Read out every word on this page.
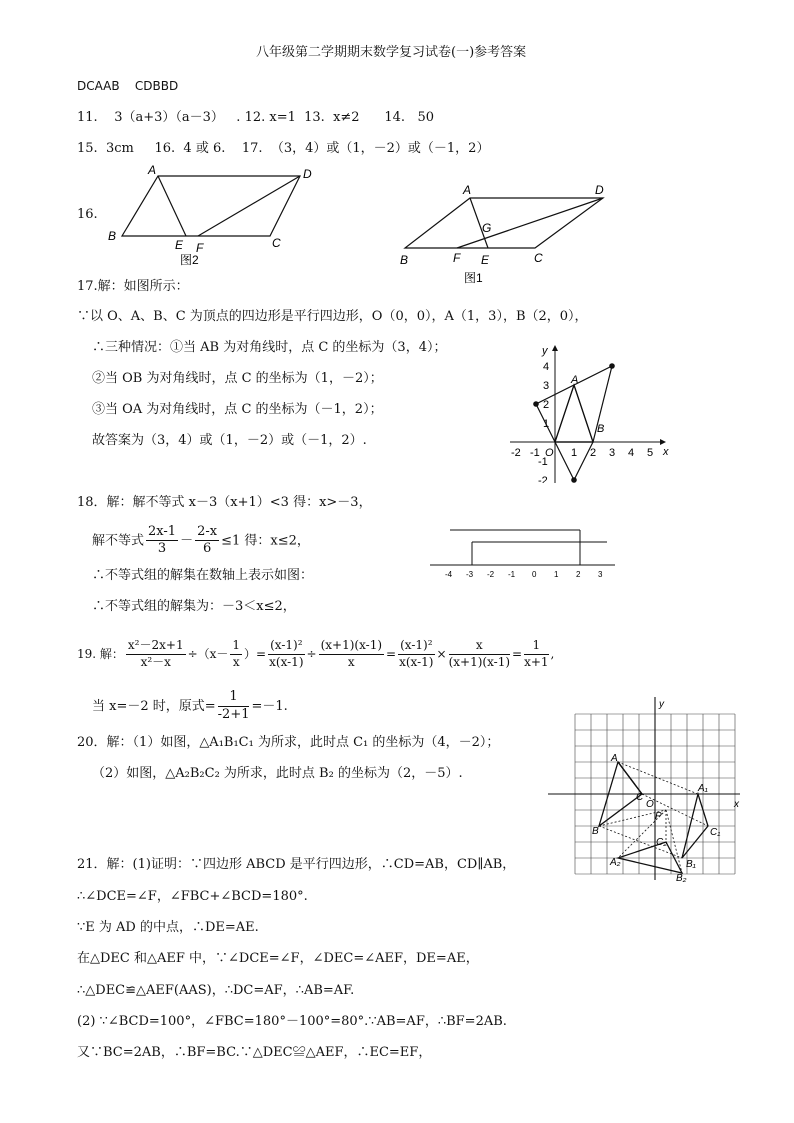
八年级第二学期期末数学复习试卷(一)参考答案
DCAAB    CDBBD
11.    3（a+3）（a－3）   . 12. x=1  13.  x≠2      14.   50
15.  3cm     16.  4 或 6.    17.  （3，4）或（1，－2）或（－1，2）
16.
A	D
B
E F	C
图2
A	D
G
B	F E	C
图1
17.解：如图所示：
∵以 O、A、B、C 为顶点的四边形是平行四边形，O（0，0），A（1，3），B（2，0），
∴三种情况：①当 AB 为对角线时，点 C 的坐标为（3，4）；
②当 OB 为对角线时，点 C 的坐标为（1，－2）；
③当 OA 为对角线时，点 C 的坐标为（－1，2）；
故答案为（3，4）或（1，－2）或（－1，2）.
x
y
-2 -1 O 1 2 3 4 5
4
3
2
1
-1
-2
A
B
18．解：解不等式 x－3（x+1）<3 得：x>－3，
解不等式 $\frac{2x-1}{3} - \frac{2-x}{6} \le 1$ 得：x≤2，
∴不等式组的解集在数轴上表示如图：
∴不等式组的解集为：－3＜x≤2，
-4 -3 -2 -1 0 1 2 3
19. 解： $\frac{\text{x²－2x+1}}{\text{x²－x}} \div(x- \frac{1}{x}$ ）= $\frac{\text{(x-1)²}}{x(x-1)} \div \frac{(x+1)(x-1)}{x} = \frac{\text{(x-1)²}}{x(x-1)} \times \frac{x}{(x+1)(x-1)} = \frac{1}{x+1}$ ,
当 x=－2 时，原式= $\frac{1}{-2+1} =-1$.
20．解：（1）如图，△A₁B₁C₁ 为所求，此时点 C₁ 的坐标为（4，－2）；
（2）如图，△A₂B₂C₂ 为所求，此时点 B₂ 的坐标为（2，－5）.
x
y
A
B
C
O
P
A₁
B₁
C₁
A₂
B₂
C₂
21．解：(1)证明：∵四边形 ABCD 是平行四边形，∴CD=AB，CD∥AB，
∴∠DCE=∠F，∠FBC+∠BCD=180°.
∵E 为 AD 的中点，∴DE=AE.
在△DEC 和△AEF 中，∵∠DCE=∠F，∠DEC=∠AEF，DE=AE，
∴△DEC≌△AEF(AAS)，∴DC=AF，∴AB=AF.
(2) ∵∠BCD=100°，∠FBC=180°－100°=80°.∵AB=AF，∴BF=2AB.
又∵BC=2AB，∴BF=BC.∵△DEC≌△AEF，∴EC=EF，
